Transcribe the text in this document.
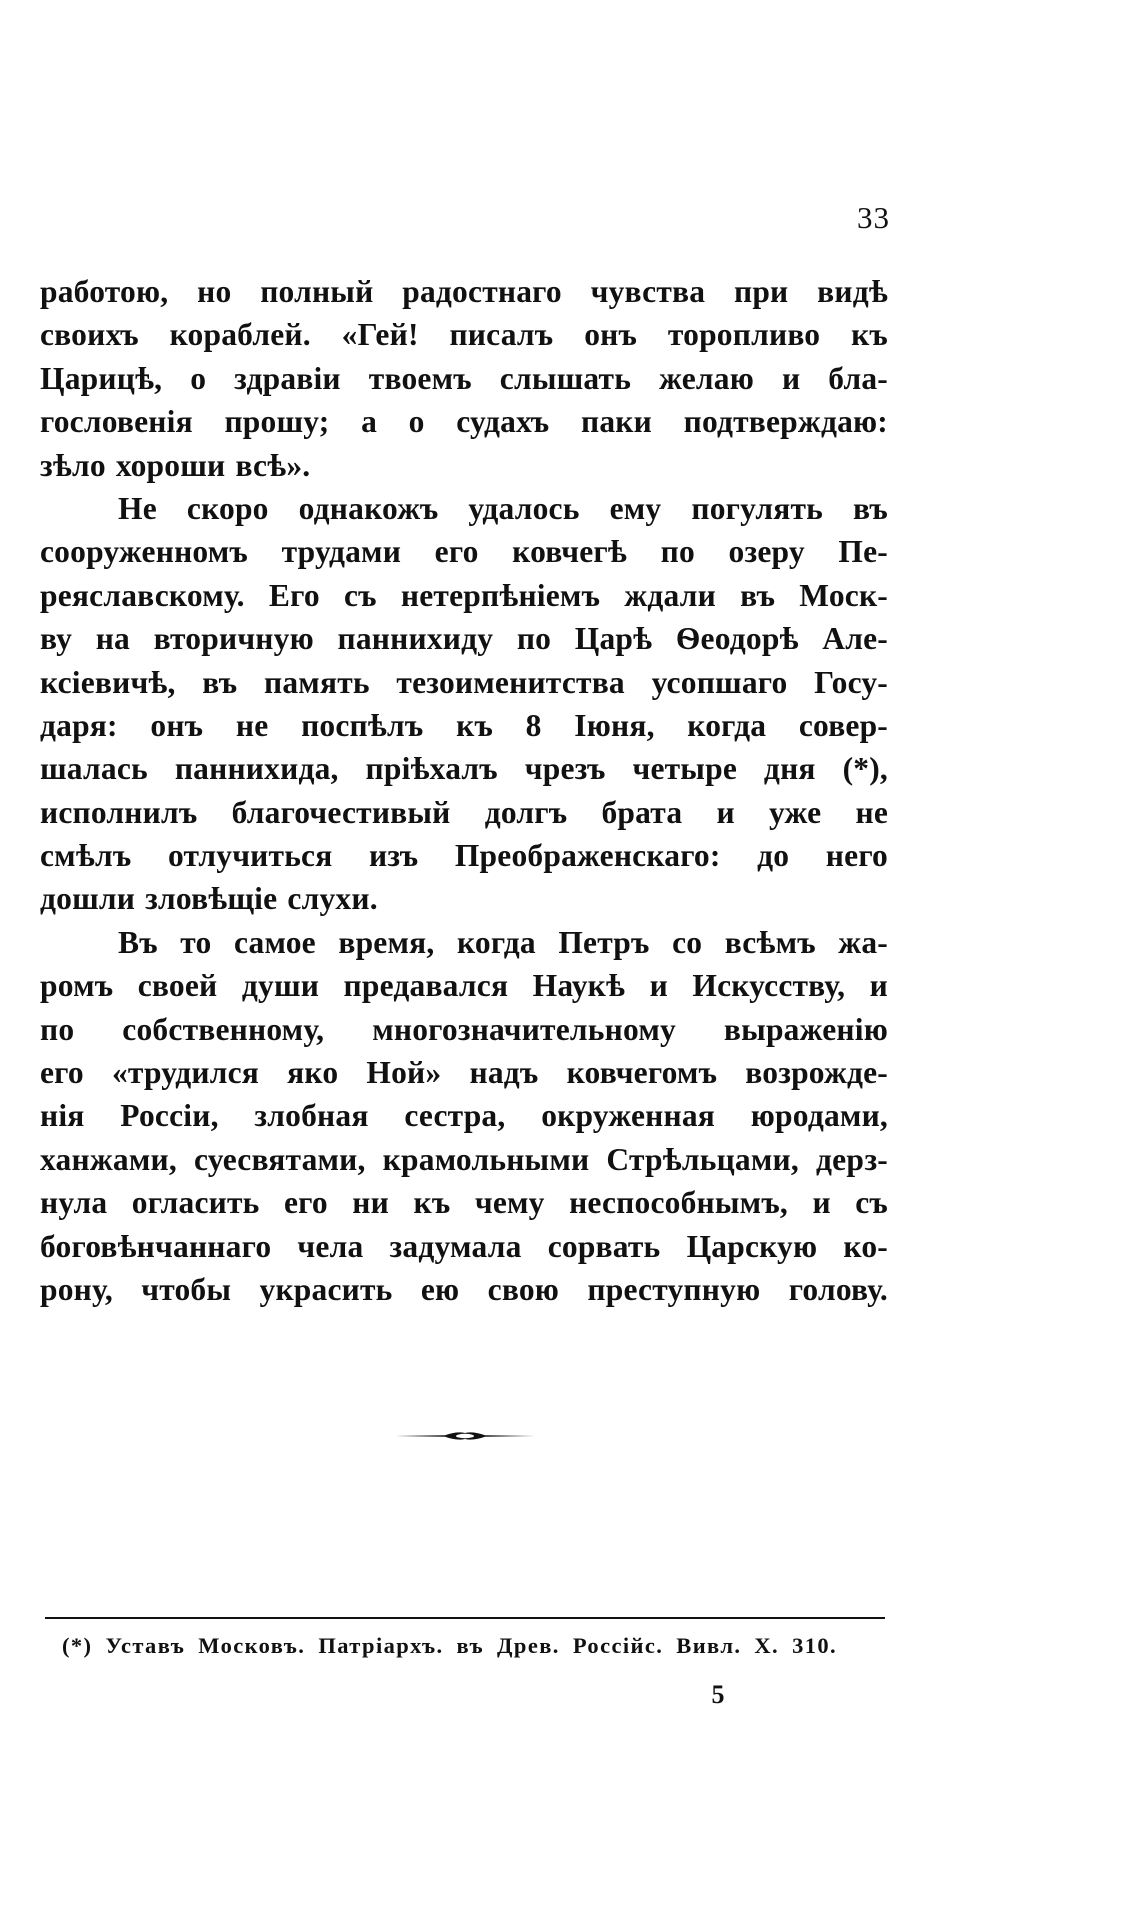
33
работою, но полный радостнаго чувства при видѣ
своихъ кораблей. «Гей! писалъ онъ торопливо къ
Царицѣ, о здравіи твоемъ слышать желаю и бла-
гословенія прошу; а о судахъ паки подтверждаю:
зѣло хороши всѣ».
Не скоро однакожъ удалось ему погулять въ
сооруженномъ трудами его ковчегѣ по озеру Пе-
реяславскому. Его съ нетерпѣніемъ ждали въ Моск-
ву на вторичную паннихиду по Царѣ Ѳеодорѣ Але-
ксіевичѣ, въ память тезоименитства усопшаго Госу-
даря: онъ не поспѣлъ къ 8 Іюня, когда совер-
шалась паннихида, пріѣхалъ чрезъ четыре дня (*),
исполнилъ благочестивый долгъ брата и уже не
смѣлъ отлучиться изъ Преображенскаго: до него
дошли зловѣщіе слухи.
Въ то самое время, когда Петръ со всѣмъ жа-
ромъ своей души предавался Наукѣ и Искусству, и
по собственному, многозначительному выраженію
его «трудился яко Ной» надъ ковчегомъ возрожде-
нія Россіи, злобная сестра, окруженная юродами,
ханжами, суесвятами, крамольными Стрѣльцами, дерз-
нула огласить его ни къ чему неспособнымъ, и съ
боговѣнчаннаго чела задумала сорвать Царскую ко-
рону, чтобы украсить ею свою преступную голову.
(*) Уставъ Московъ. Патріархъ. въ Древ. Россійс. Вивл. X. 310.
5
